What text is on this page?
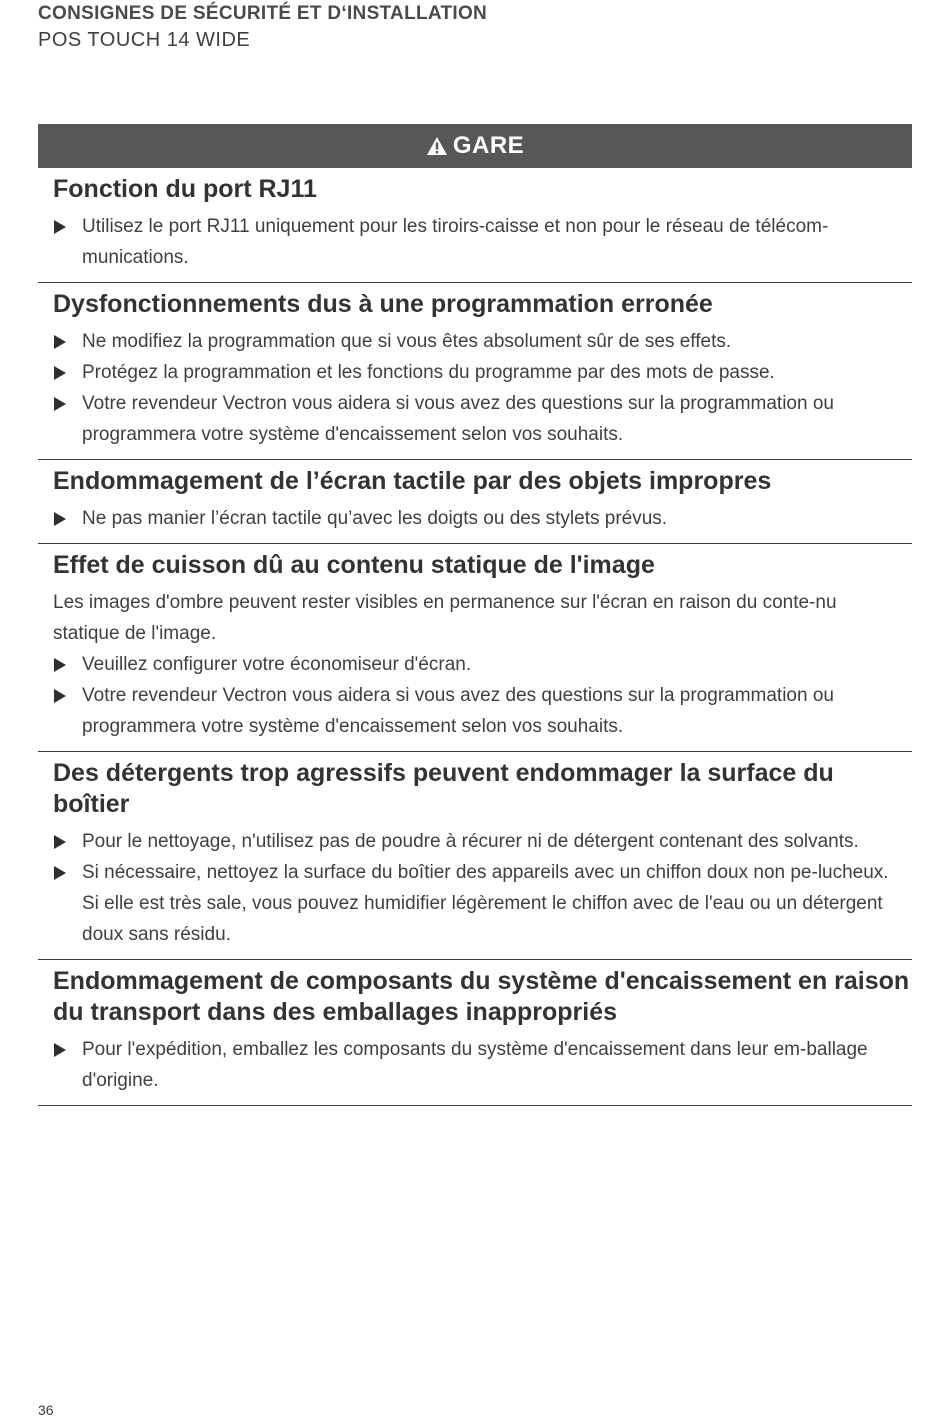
CONSIGNES DE SÉCURITÉ ET D‘INSTALLATION
POS TOUCH 14 WIDE
GARE
Fonction du port RJ11
Utilisez le port RJ11 uniquement pour les tiroirs-caisse et non pour le réseau de télécom-munications.
Dysfonctionnements dus à une programmation erronée
Ne modifiez la programmation que si vous êtes absolument sûr de ses effets.
Protégez la programmation et les fonctions du programme par des mots de passe.
Votre revendeur Vectron vous aidera si vous avez des questions sur la programmation ou programmera votre système d'encaissement selon vos souhaits.
Endommagement de l’écran tactile par des objets impropres
Ne pas manier l’écran tactile qu’avec les doigts ou des stylets prévus.
Effet de cuisson dû au contenu statique de l'image

Les images d'ombre peuvent rester visibles en permanence sur l'écran en raison du conte-nu statique de l'image.

Veuillez configurer votre économiseur d'écran.
Votre revendeur Vectron vous aidera si vous avez des questions sur la programmation ou programmera votre système d'encaissement selon vos souhaits.
Des détergents trop agressifs peuvent endommager la surface du boîtier
Pour le nettoyage, n'utilisez pas de poudre à récurer ni de détergent contenant des solvants.
Si nécessaire, nettoyez la surface du boîtier des appareils avec un chiffon doux non pe-lucheux. Si elle est très sale, vous pouvez humidifier légèrement le chiffon avec de l'eau ou un détergent doux sans résidu.
Endommagement de composants du système d'encaissement en raison du transport dans des emballages inappropriés
Pour l'expédition, emballez les composants du système d'encaissement dans leur em-ballage d'origine.
36
